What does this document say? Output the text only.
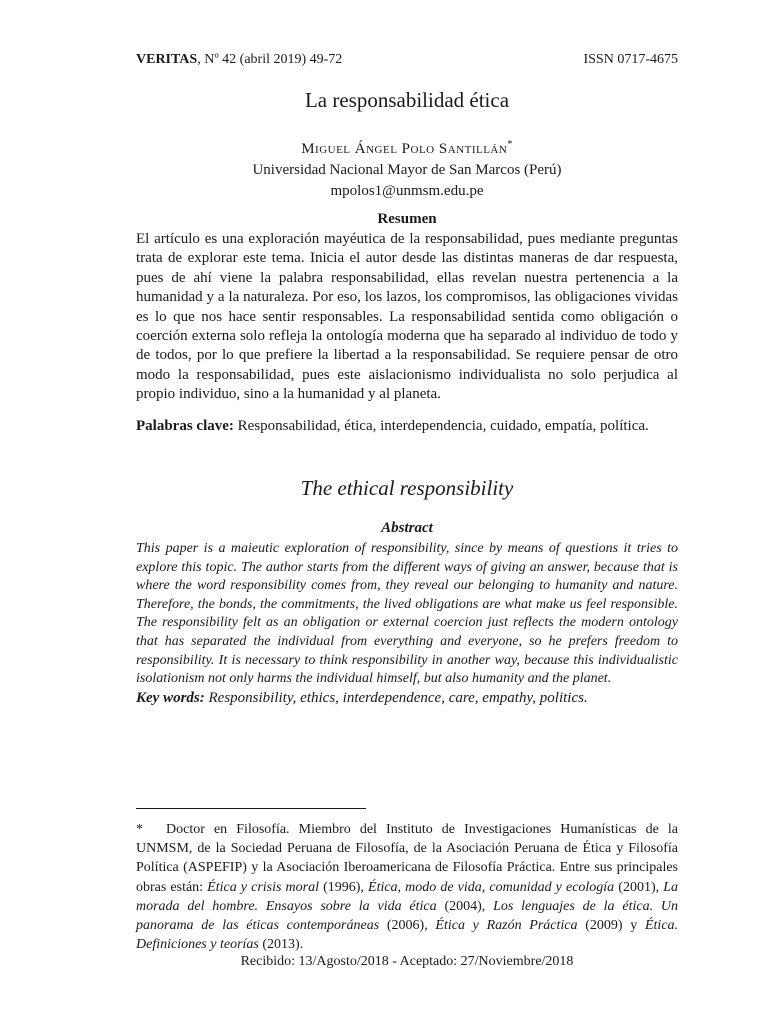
VERITAS, Nº 42 (abril 2019) 49-72	ISSN 0717-4675
La responsabilidad ética
Miguel Ángel Polo Santillán*
Universidad Nacional Mayor de San Marcos (Perú)
mpolos1@unmsm.edu.pe
Resumen
El artículo es una exploración mayéutica de la responsabilidad, pues mediante preguntas trata de explorar este tema. Inicia el autor desde las distintas maneras de dar respuesta, pues de ahí viene la palabra responsabilidad, ellas revelan nuestra pertenencia a la humanidad y a la naturaleza. Por eso, los lazos, los compromisos, las obligaciones vividas es lo que nos hace sentir responsables. La responsabilidad sentida como obligación o coerción externa solo refleja la ontología moderna que ha separado al individuo de todo y de todos, por lo que prefiere la libertad a la responsabilidad. Se requiere pensar de otro modo la responsabilidad, pues este aislacionismo individualista no solo perjudica al propio individuo, sino a la humanidad y al planeta.
Palabras clave: Responsabilidad, ética, interdependencia, cuidado, empatía, política.
The ethical responsibility
Abstract
This paper is a maieutic exploration of responsibility, since by means of questions it tries to explore this topic. The author starts from the different ways of giving an answer, because that is where the word responsibility comes from, they reveal our belonging to humanity and nature. Therefore, the bonds, the commitments, the lived obligations are what make us feel responsible. The responsibility felt as an obligation or external coercion just reflects the modern ontology that has separated the individual from everything and everyone, so he prefers freedom to responsibility. It is necessary to think responsibility in another way, because this individualistic isolationism not only harms the individual himself, but also humanity and the planet.
Key words: Responsibility, ethics, interdependence, care, empathy, politics.
* Doctor en Filosofía. Miembro del Instituto de Investigaciones Humanísticas de la UNMSM, de la Sociedad Peruana de Filosofía, de la Asociación Peruana de Ética y Filosofía Política (ASPEFIP) y la Asociación Iberoamericana de Filosofía Práctica. Entre sus principales obras están: Ética y crisis moral (1996), Ética, modo de vida, comunidad y ecología (2001), La morada del hombre. Ensayos sobre la vida ética (2004), Los lenguajes de la ética. Un panorama de las éticas contemporáneas (2006), Ética y Razón Práctica (2009) y Ética. Definiciones y teorías (2013).
Recibido: 13/Agosto/2018 - Aceptado: 27/Noviembre/2018
